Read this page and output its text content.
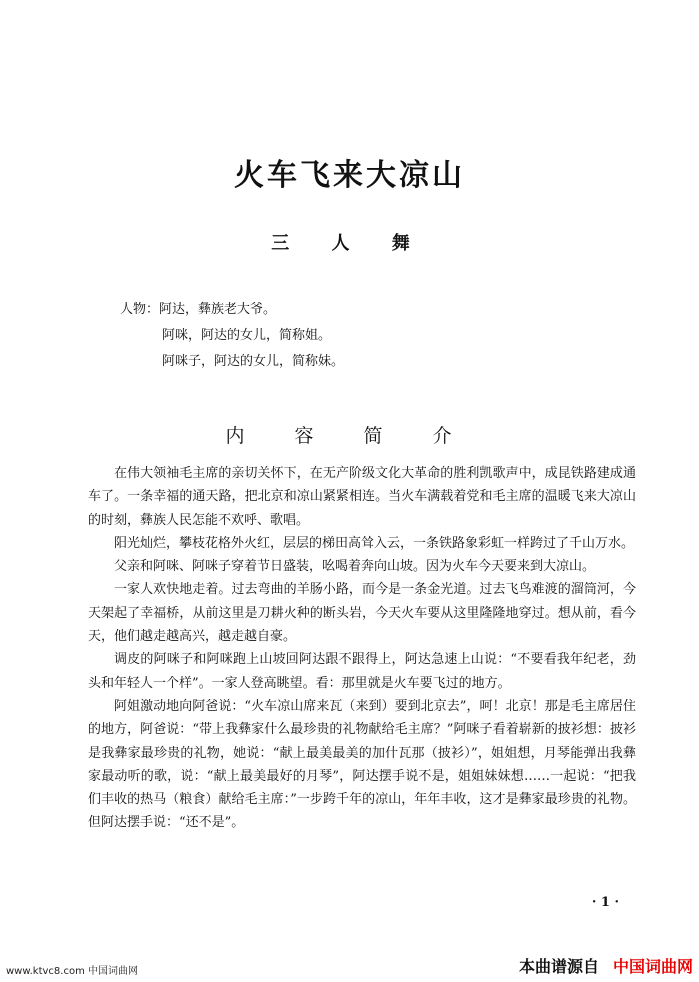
火车飞来大凉山
三 人 舞
人物：阿达，彝族老大爷。
阿咪，阿达的女儿，简称姐。
阿咪子，阿达的女儿，简称妹。
内 容 简 介

在伟大领袖毛主席的亲切关怀下，在无产阶级文化大革命的胜利凯歌声中，成昆铁路建成通车了。一条幸福的通天路，把北京和凉山紧紧相连。当火车满载着党和毛主席的温暖飞来大凉山的时刻，彝族人民怎能不欢呼、歌唱。

阳光灿烂，攀枝花格外火红，层层的梯田高耸入云，一条铁路象彩虹一样跨过了千山万水。

父亲和阿咪、阿咪子穿着节日盛装，吆喝着奔向山坡。因为火车今天要来到大凉山。

一家人欢快地走着。过去弯曲的羊肠小路，而今是一条金光道。过去飞鸟难渡的溜筒河，今天架起了幸福桥，从前这里是刀耕火种的断头岩，今天火车要从这里隆隆地穿过。想从前，看今天，他们越走越高兴，越走越自豪。

调皮的阿咪子和阿咪跑上山坡回阿达跟不跟得上，阿达急速上山说：“不要看我年纪老，劲头和年轻人一个样”。一家人登高眺望。看：那里就是火车要飞过的地方。

阿姐激动地向阿爸说：“火车凉山席来瓦（来到）要到北京去”，呵！北京！那是毛主席居住的地方，阿爸说：“带上我彝家什么最珍贵的礼物献给毛主席？”阿咪子看着崭新的披衫想：披衫是我彝家最珍贵的礼物，她说：“献上最美最美的加什瓦那（披衫）”，姐姐想，月琴能弹出我彝家最动听的歌，说：“献上最美最好的月琴”，阿达摆手说不是，姐姐妹妹想……一起说：“把我们丰收的热马（粮食）献给毛主席：”一步跨千年的凉山，年年丰收，这才是彝家最珍贵的礼物。但阿达摆手说：“还不是”。

· 1 ·
www.ktvc8.com 中国词曲网	本曲谱源自 中国词曲网
